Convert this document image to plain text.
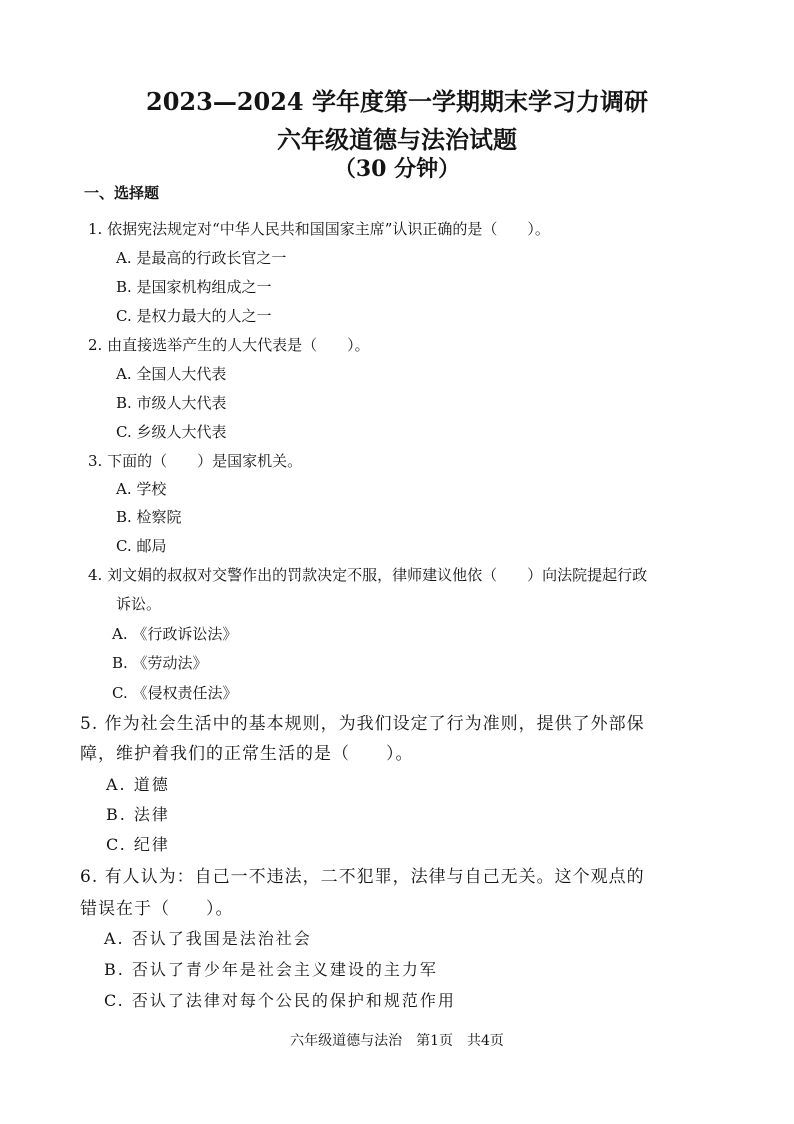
2023—2024 学年度第一学期期末学习力调研
六年级道德与法治试题
（30 分钟）
一、选择题
1. 依据宪法规定对“中华人民共和国国家主席”认识正确的是（　　）。
A. 是最高的行政长官之一
B. 是国家机构组成之一
C. 是权力最大的人之一
2. 由直接选举产生的人大代表是（　　）。
A. 全国人大代表
B. 市级人大代表
C. 乡级人大代表
3. 下面的（　　）是国家机关。
A. 学校
B. 检察院
C. 邮局
4. 刘文娟的叔叔对交警作出的罚款决定不服，律师建议他依（　　）向法院提起行政
诉讼。
A. 《行政诉讼法》
B. 《劳动法》
C. 《侵权责任法》
5. 作为社会生活中的基本规则，为我们设定了行为准则，提供了外部保
障，维护着我们的正常生活的是（　　）。
A. 道德
B. 法律
C. 纪律
6. 有人认为：自己一不违法，二不犯罪，法律与自己无关。这个观点的
错误在于（　　）。
A. 否认了我国是法治社会
B. 否认了青少年是社会主义建设的主力军
C. 否认了法律对每个公民的保护和规范作用
六年级道德与法治　第1页　共4页
